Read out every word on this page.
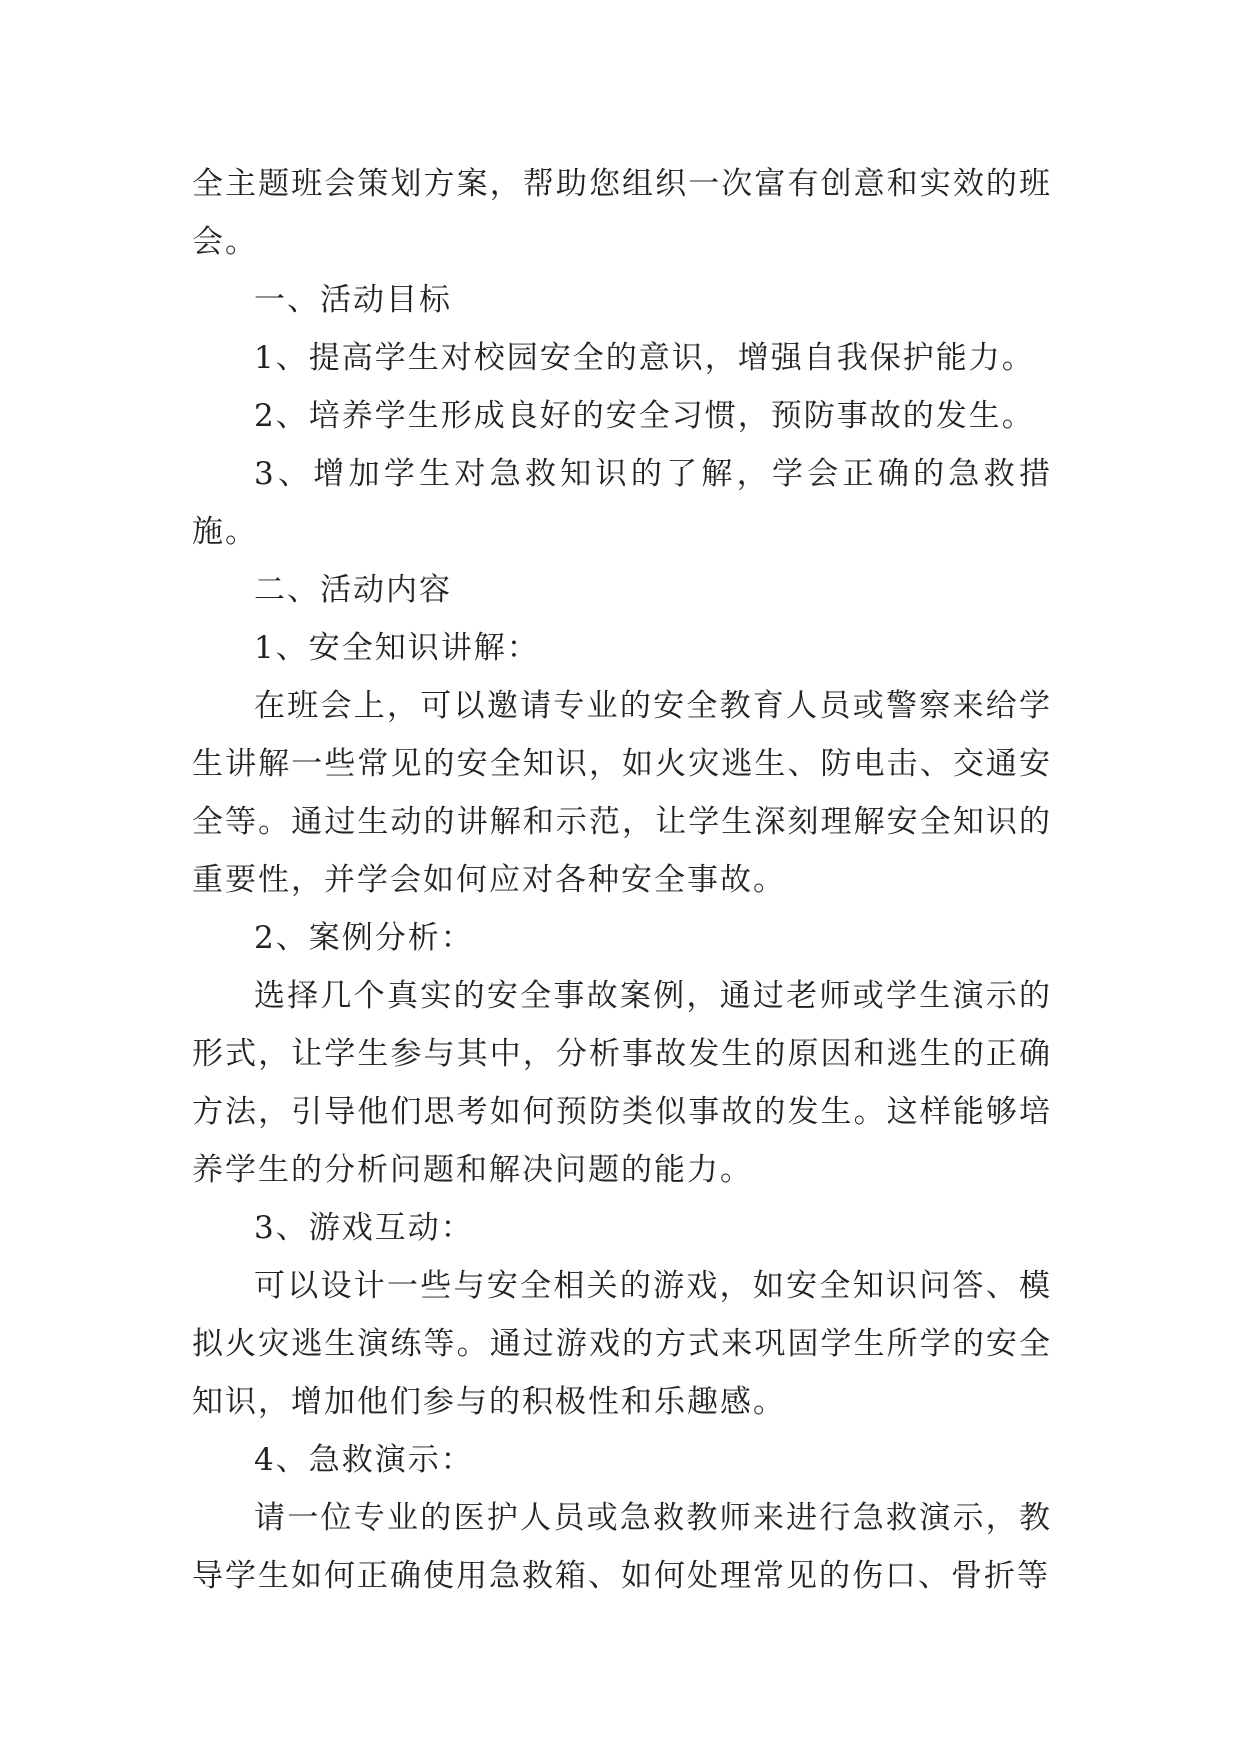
全主题班会策划方案，帮助您组织一次富有创意和实效的班会。

一、活动目标

1、提高学生对校园安全的意识，增强自我保护能力。

2、培养学生形成良好的安全习惯，预防事故的发生。

3、增加学生对急救知识的了解，学会正确的急救措施。

二、活动内容

1、安全知识讲解：

在班会上，可以邀请专业的安全教育人员或警察来给学生讲解一些常见的安全知识，如火灾逃生、防电击、交通安全等。通过生动的讲解和示范，让学生深刻理解安全知识的重要性，并学会如何应对各种安全事故。

2、案例分析：

选择几个真实的安全事故案例，通过老师或学生演示的形式，让学生参与其中，分析事故发生的原因和逃生的正确方法，引导他们思考如何预防类似事故的发生。这样能够培养学生的分析问题和解决问题的能力。

3、游戏互动：

可以设计一些与安全相关的游戏，如安全知识问答、模拟火灾逃生演练等。通过游戏的方式来巩固学生所学的安全知识，增加他们参与的积极性和乐趣感。

4、急救演示：

请一位专业的医护人员或急救教师来进行急救演示，教导学生如何正确使用急救箱、如何处理常见的伤口、骨折等
